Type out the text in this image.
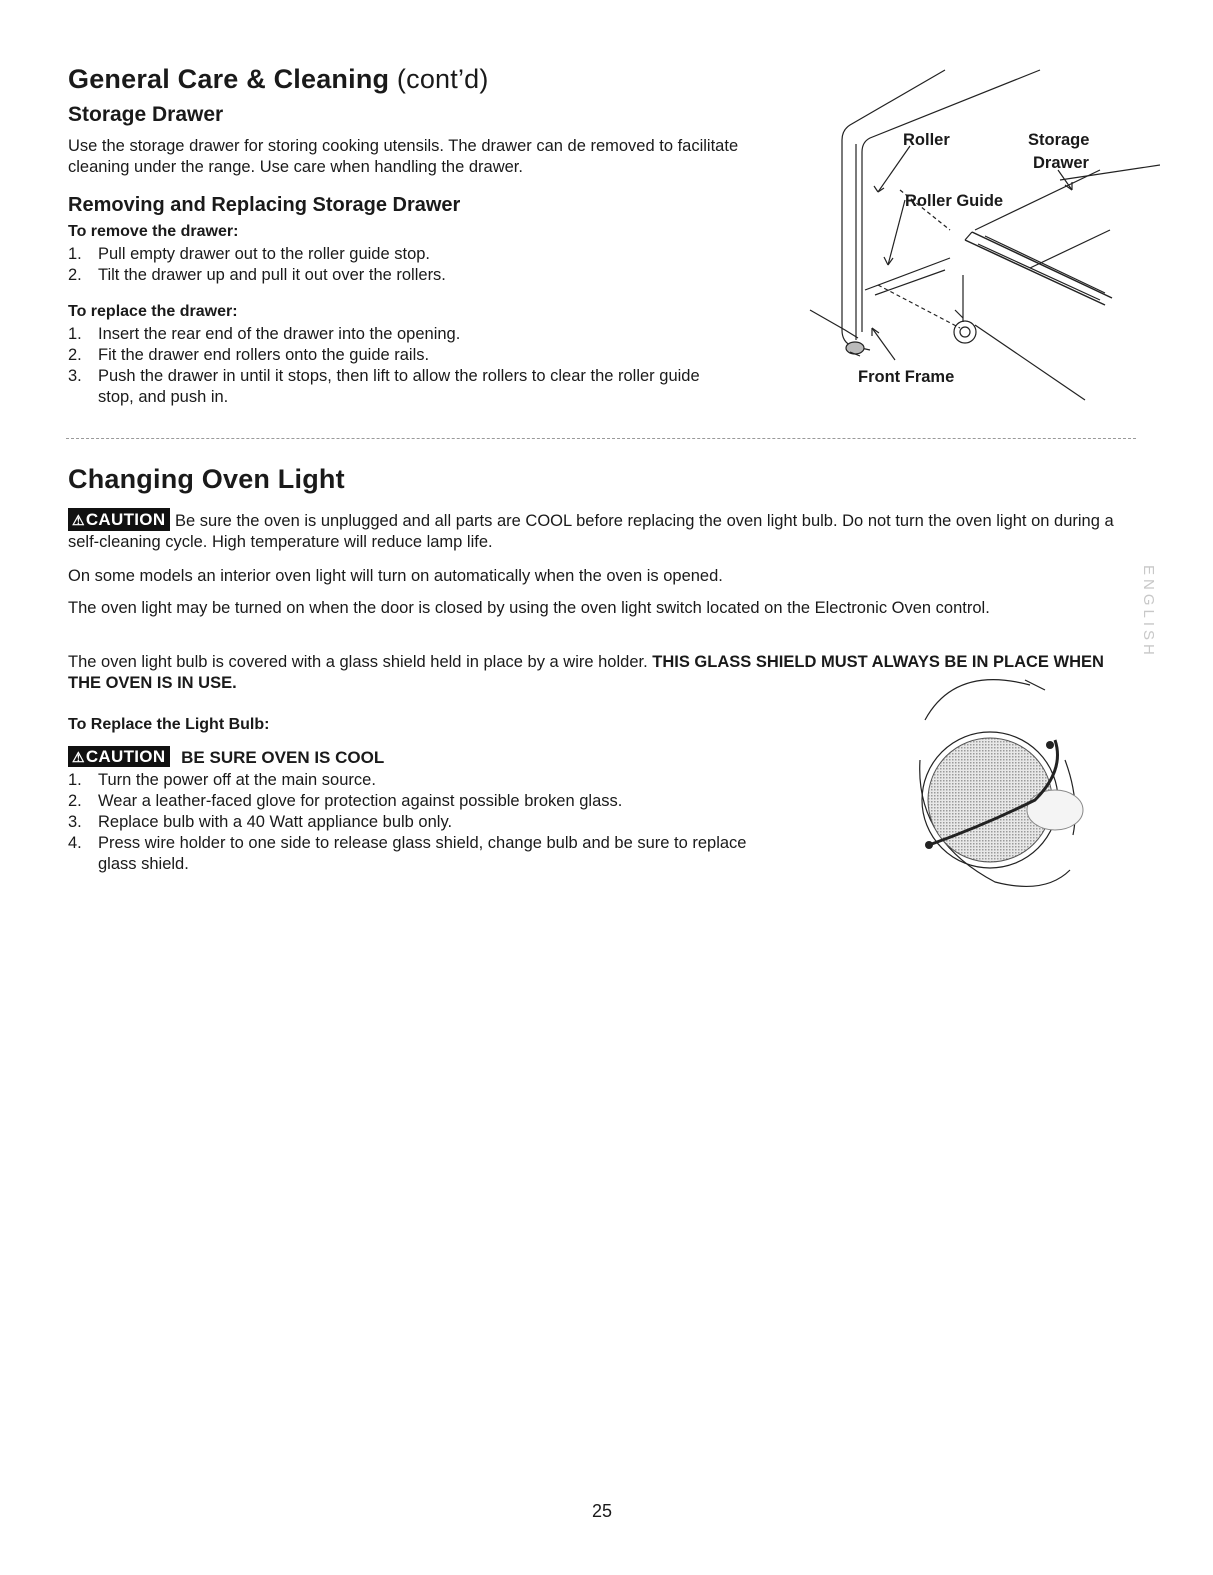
General Care & Cleaning (cont’d)
Storage Drawer
Use the storage drawer for storing cooking utensils. The drawer can de removed to facilitate cleaning under the range. Use care when handling the drawer.
Removing and Replacing Storage Drawer
To remove the drawer:
1. Pull empty drawer out to the roller guide stop.
2. Tilt the drawer up and pull it out over the rollers.
To replace the drawer:
1. Insert the rear end of the drawer into the opening.
2. Fit the drawer end rollers onto the guide rails.
3. Push the drawer in until it stops, then lift to allow the rollers to clear the roller guide stop, and push in.
Roller	Storage
Drawer
Roller Guide
Front Frame
Changing Oven Light
⚠CAUTION Be sure the oven is unplugged and all parts are COOL before replacing the oven light bulb. Do not turn the oven light on during a self-cleaning cycle. High temperature will reduce lamp life.
On some models an interior oven light will turn on automatically when the oven is opened.
The oven light may be turned on when the door is closed by using the oven light switch located on the Electronic Oven control.
The oven light bulb is covered with a glass shield held in place by a wire holder. THIS GLASS SHIELD MUST ALWAYS BE IN PLACE WHEN THE OVEN IS IN USE.
To Replace the Light Bulb:
⚠CAUTION BE SURE OVEN IS COOL
1. Turn the power off at the main source.
2. Wear a leather-faced glove for protection against possible broken glass.
3. Replace bulb with a 40 Watt appliance bulb only.
4. Press wire holder to one side to release glass shield, change bulb and be sure to replace glass shield.
ENGLISH
25
